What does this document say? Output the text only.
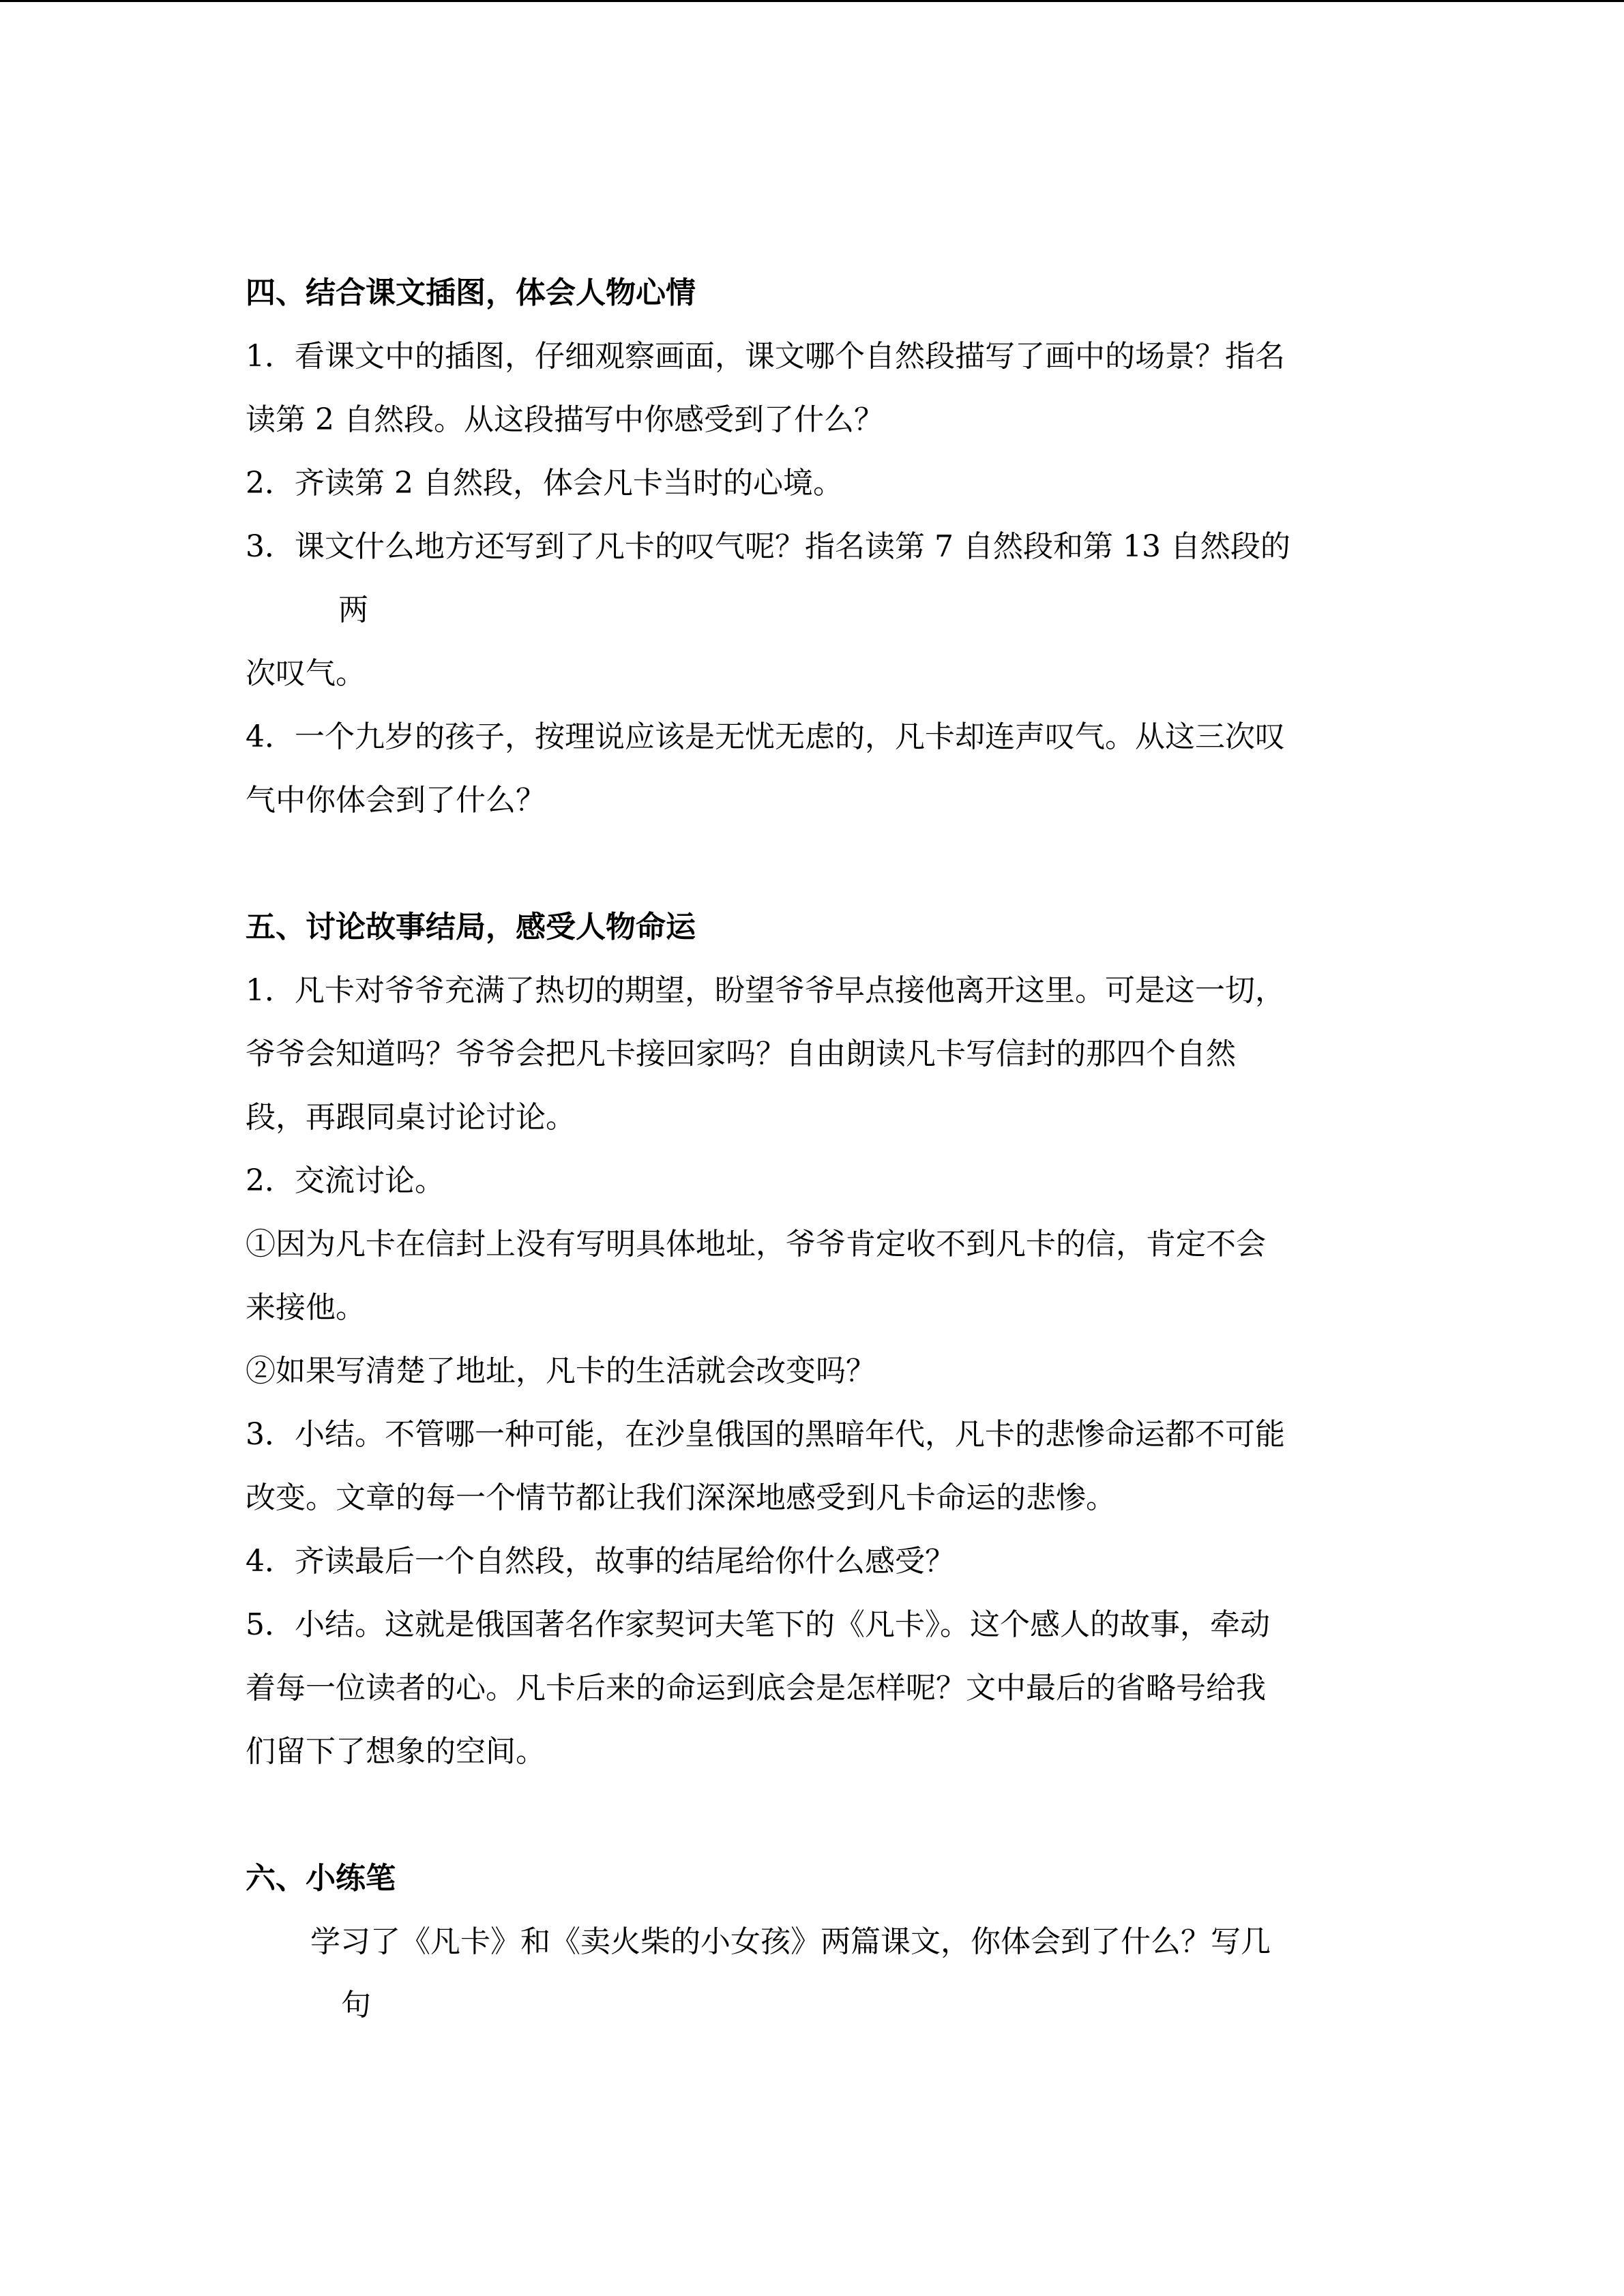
四、结合课文插图，体会人物心情
1．看课文中的插图，仔细观察画面，课文哪个自然段描写了画中的场景？指名
读第 2 自然段。从这段描写中你感受到了什么？
2．齐读第 2 自然段，体会凡卡当时的心境。
3．课文什么地方还写到了凡卡的叹气呢？指名读第 7 自然段和第 13 自然段的
两
次叹气。
4．一个九岁的孩子，按理说应该是无忧无虑的，凡卡却连声叹气。从这三次叹
气中你体会到了什么？
五、讨论故事结局，感受人物命运
1．凡卡对爷爷充满了热切的期望，盼望爷爷早点接他离开这里。可是这一切，
爷爷会知道吗？爷爷会把凡卡接回家吗？自由朗读凡卡写信封的那四个自然
段，再跟同桌讨论讨论。
2．交流讨论。
①因为凡卡在信封上没有写明具体地址，爷爷肯定收不到凡卡的信，肯定不会
来接他。
②如果写清楚了地址，凡卡的生活就会改变吗？
3．小结。不管哪一种可能，在沙皇俄国的黑暗年代，凡卡的悲惨命运都不可能
改变。文章的每一个情节都让我们深深地感受到凡卡命运的悲惨。
4．齐读最后一个自然段，故事的结尾给你什么感受？
5．小结。这就是俄国著名作家契诃夫笔下的《凡卡》。这个感人的故事，牵动
着每一位读者的心。凡卡后来的命运到底会是怎样呢？文中最后的省略号给我
们留下了想象的空间。
六、小练笔
学习了《凡卡》和《卖火柴的小女孩》两篇课文，你体会到了什么？写几
句
